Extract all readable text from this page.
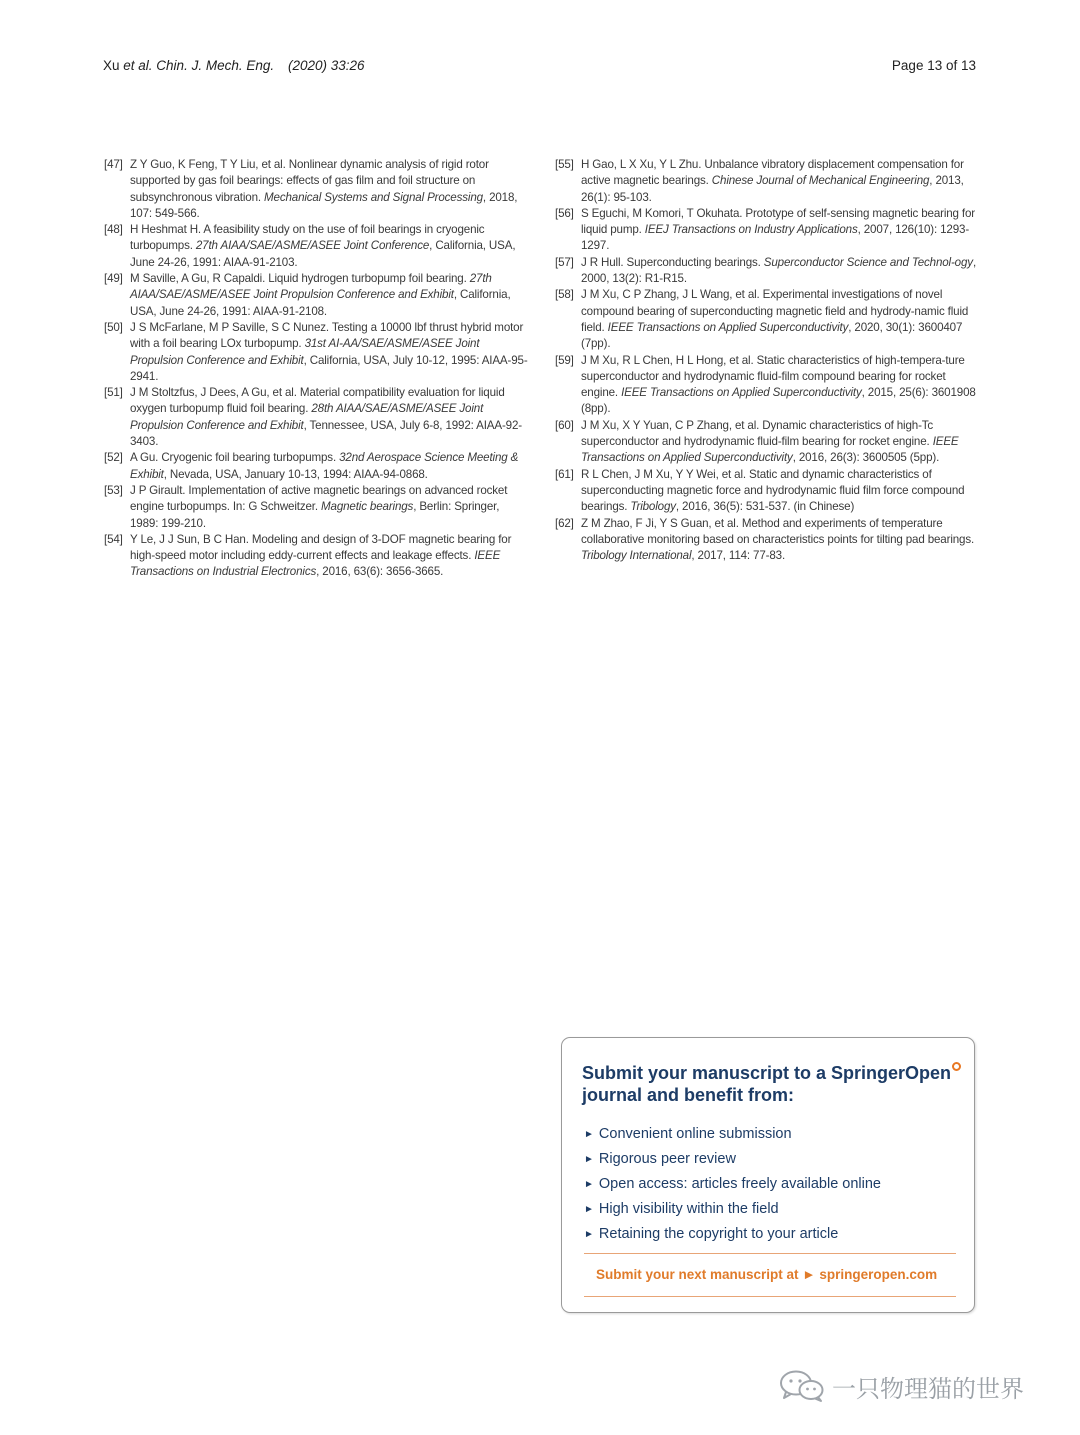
Xu et al. Chin. J. Mech. Eng. (2020) 33:26	Page 13 of 13
[47] Z Y Guo, K Feng, T Y Liu, et al. Nonlinear dynamic analysis of rigid rotor supported by gas foil bearings: effects of gas film and foil structure on subsynchronous vibration. Mechanical Systems and Signal Processing, 2018, 107: 549-566.
[48] H Heshmat H. A feasibility study on the use of foil bearings in cryogenic turbopumps. 27th AIAA/SAE/ASME/ASEE Joint Conference, California, USA, June 24-26, 1991: AIAA-91-2103.
[49] M Saville, A Gu, R Capaldi. Liquid hydrogen turbopump foil bearing. 27th AIAA/SAE/ASME/ASEE Joint Propulsion Conference and Exhibit, California, USA, June 24-26, 1991: AIAA-91-2108.
[50] J S McFarlane, M P Saville, S C Nunez. Testing a 10000 lbf thrust hybrid motor with a foil bearing LOx turbopump. 31st AI-AA/SAE/ASME/ASEE Joint Propulsion Conference and Exhibit, California, USA, July 10-12, 1995: AIAA-95-2941.
[51] J M Stoltzfus, J Dees, A Gu, et al. Material compatibility evaluation for liquid oxygen turbopump fluid foil bearing. 28th AIAA/SAE/ASME/ASEE Joint Propulsion Conference and Exhibit, Tennessee, USA, July 6-8, 1992: AIAA-92-3403.
[52] A Gu. Cryogenic foil bearing turbopumps. 32nd Aerospace Science Meeting & Exhibit, Nevada, USA, January 10-13, 1994: AIAA-94-0868.
[53] J P Girault. Implementation of active magnetic bearings on advanced rocket engine turbopumps. In: G Schweitzer. Magnetic bearings, Berlin: Springer, 1989: 199-210.
[54] Y Le, J J Sun, B C Han. Modeling and design of 3-DOF magnetic bearing for high-speed motor including eddy-current effects and leakage effects. IEEE Transactions on Industrial Electronics, 2016, 63(6): 3656-3665.
[55] H Gao, L X Xu, Y L Zhu. Unbalance vibratory displacement compensation for active magnetic bearings. Chinese Journal of Mechanical Engineering, 2013, 26(1): 95-103.
[56] S Eguchi, M Komori, T Okuhata. Prototype of self-sensing magnetic bearing for liquid pump. IEEJ Transactions on Industry Applications, 2007, 126(10): 1293-1297.
[57] J R Hull. Superconducting bearings. Superconductor Science and Technol-ogy, 2000, 13(2): R1-R15.
[58] J M Xu, C P Zhang, J L Wang, et al. Experimental investigations of novel compound bearing of superconducting magnetic field and hydrody-namic fluid field. IEEE Transactions on Applied Superconductivity, 2020, 30(1): 3600407 (7pp).
[59] J M Xu, R L Chen, H L Hong, et al. Static characteristics of high-tempera-ture superconductor and hydrodynamic fluid-film compound bearing for rocket engine. IEEE Transactions on Applied Superconductivity, 2015, 25(6): 3601908 (8pp).
[60] J M Xu, X Y Yuan, C P Zhang, et al. Dynamic characteristics of high-Tc superconductor and hydrodynamic fluid-film bearing for rocket engine. IEEE Transactions on Applied Superconductivity, 2016, 26(3): 3600505 (5pp).
[61] R L Chen, J M Xu, Y Y Wei, et al. Static and dynamic characteristics of superconducting magnetic force and hydrodynamic fluid film force compound bearings. Tribology, 2016, 36(5): 531-537. (in Chinese)
[62] Z M Zhao, F Ji, Y S Guan, et al. Method and experiments of temperature collaborative monitoring based on characteristics points for tilting pad bearings. Tribology International, 2017, 114: 77-83.
Submit your manuscript to a SpringerOpen
journal and benefit from:
► Convenient online submission
► Rigorous peer review
► Open access: articles freely available online
► High visibility within the field
► Retaining the copyright to your article
Submit your next manuscript at ► springeropen.com
一只物理猫的世界
